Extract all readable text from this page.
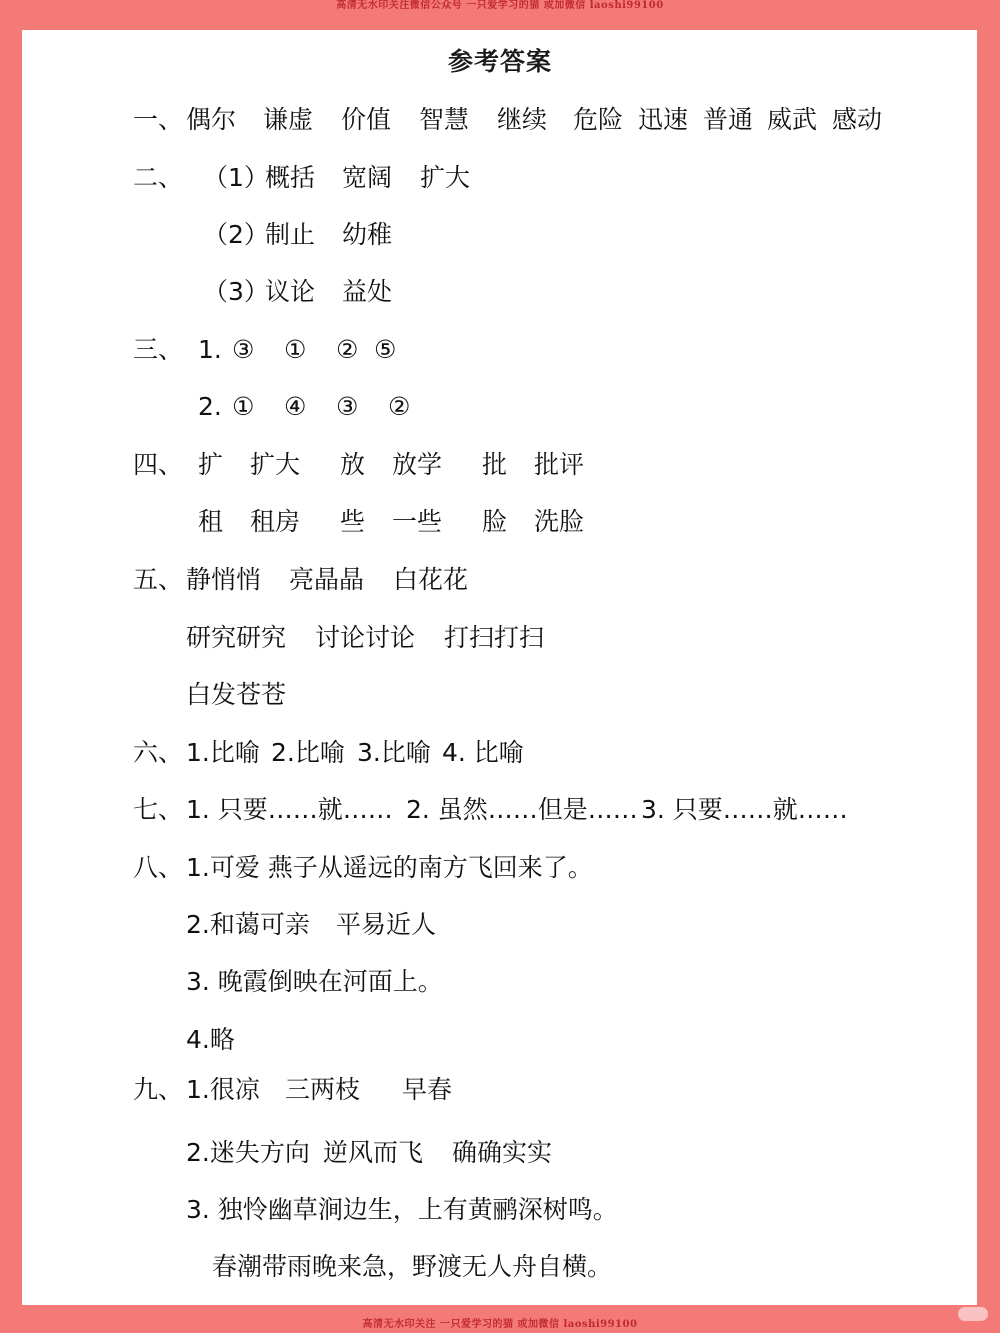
高清无水印关注微信公众号 一只爱学习的猫 或加微信 laoshi99100
参考答案
一、 偶尔 谦虚 价值 智慧 继续 危险 迅速 普通 威武 感动
二、 （1）
概括 宽阔 扩大
（2）
制止 幼稚
（3）
议论 益处
三、 1. ③ ① ② ⑤
2. ① ④ ③ ②
四、 扩 扩大 放 放学 批 批评
租 租房 些 一些 脸 洗脸
五、 静悄悄 亮晶晶 白花花
研究研究 讨论讨论 打扫打扫
白发苍苍
六、 1.比喻 2.比喻 3.比喻 4. 比喻
七、 1. 只要……就…… 2. 虽然……但是…… 3. 只要……就……
八、 1.可爱 燕子从遥远的南方飞回来了。
2.和蔼可亲 平易近人
3. 晚霞倒映在河面上。
4.略
九、 1.很凉 三两枝 早春
2.迷失方向 逆风而飞 确确实实
3. 独怜幽草涧边生，上有黄鹂深树鸣。
春潮带雨晚来急，野渡无人舟自横。
高清无水印关注 一只爱学习的猫 或加微信 laoshi99100
